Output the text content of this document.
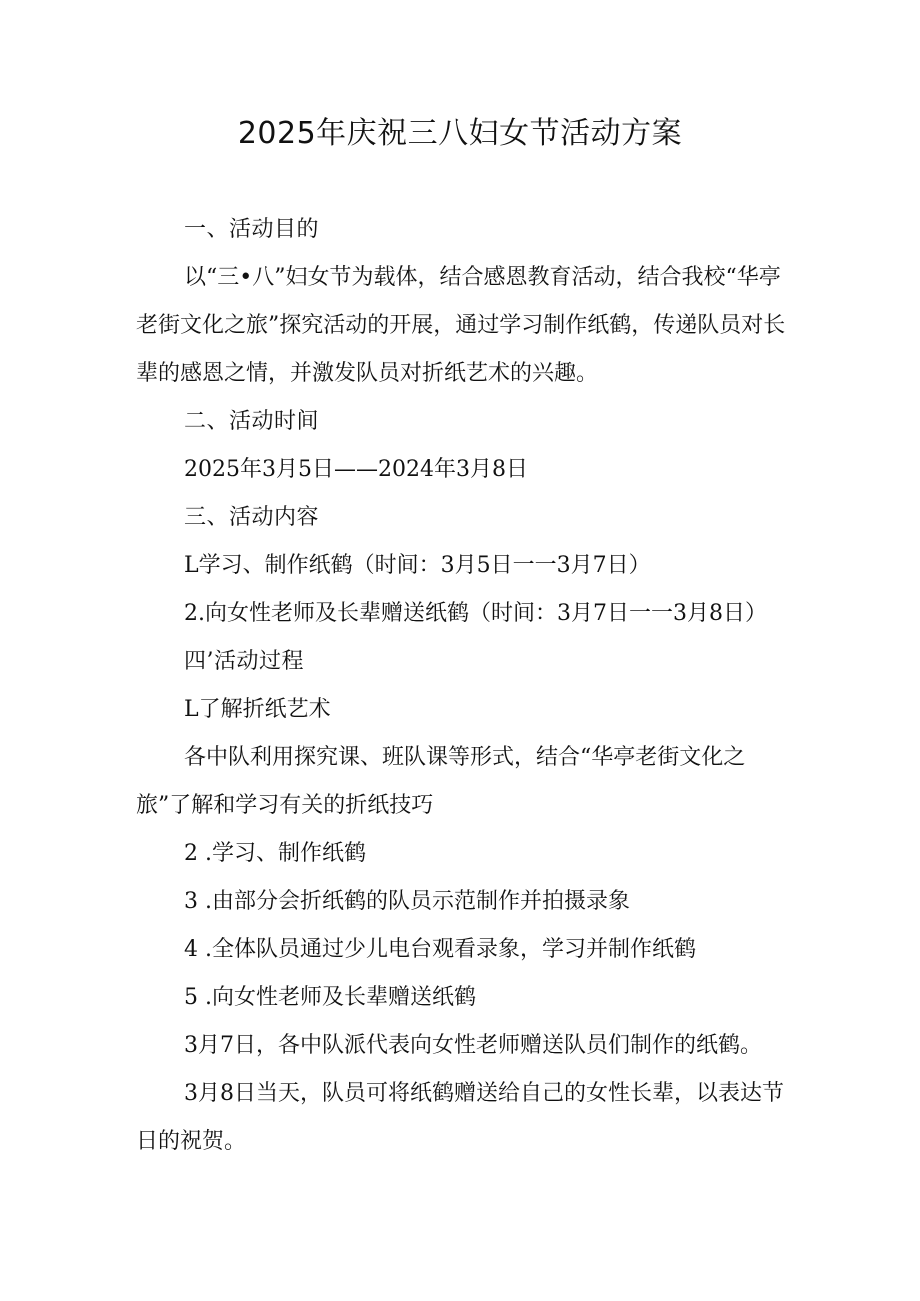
2025年庆祝三八妇女节活动方案

一、活动目的

以“三•八”妇女节为载体，结合感恩教育活动，结合我校“华亭老街文化之旅”探究活动的开展，通过学习制作纸鹤，传递队员对长辈的感恩之情，并激发队员对折纸艺术的兴趣。

二、活动时间

2025年3月5日——2024年3月8日

三、活动内容

L学习、制作纸鹤（时间：3月5日一一3月7日）

2.向女性老师及长辈赠送纸鹤（时间：3月7日一一3月8日）

四’活动过程

L了解折纸艺术

各中队利用探究课、班队课等形式，结合“华亭老街文化之旅”了解和学习有关的折纸技巧

2 .学习、制作纸鹤

3 .由部分会折纸鹤的队员示范制作并拍摄录象

4 .全体队员通过少儿电台观看录象，学习并制作纸鹤

5 .向女性老师及长辈赠送纸鹤

3月7日，各中队派代表向女性老师赠送队员们制作的纸鹤。

3月8日当天，队员可将纸鹤赠送给自己的女性长辈，以表达节日的祝贺。
